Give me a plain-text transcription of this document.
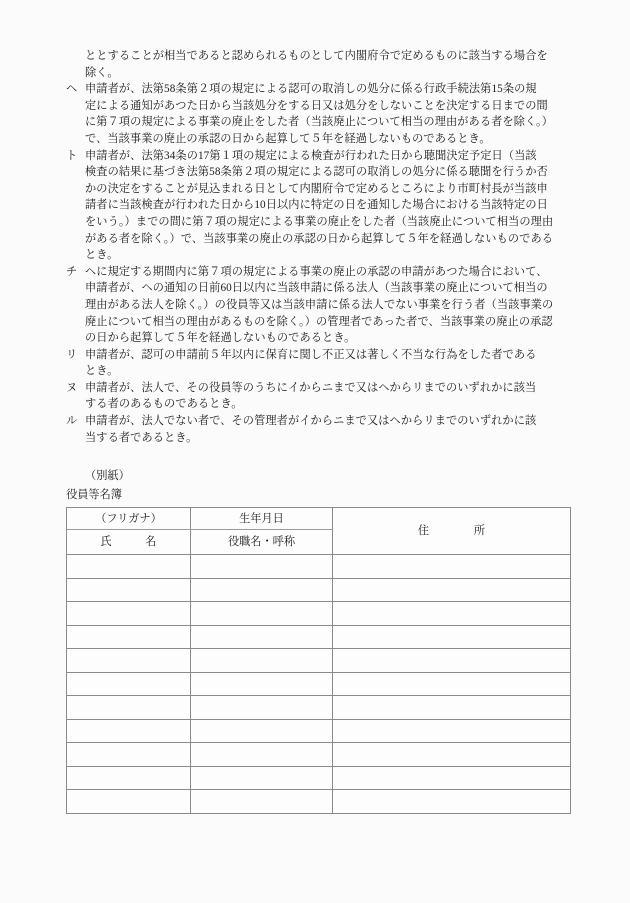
ととすることが相当であると認められるものとして内閣府令で定めるものに該当する場合を

除く。

ヘ 申請者が、法第58条第２項の規定による認可の取消しの処分に係る行政手続法第15条の規

定による通知があつた日から当該処分をする日又は処分をしないことを決定する日までの間

に第７項の規定による事業の廃止をした者（当該廃止について相当の理由がある者を除く。）

で、当該事業の廃止の承認の日から起算して５年を経過しないものであるとき。

ト 申請者が、法第34条の17第１項の規定による検査が行われた日から聴聞決定予定日（当該

検査の結果に基づき法第58条第２項の規定による認可の取消しの処分に係る聴聞を行うか否

かの決定をすることが見込まれる日として内閣府令で定めるところにより市町村長が当該申

請者に当該検査が行われた日から10日以内に特定の日を通知した場合における当該特定の日

をいう。）までの間に第７項の規定による事業の廃止をした者（当該廃止について相当の理由

がある者を除く。）で、当該事業の廃止の承認の日から起算して５年を経過しないものである

とき。

チ ヘに規定する期間内に第７項の規定による事業の廃止の承認の申請があつた場合において、

申請者が、ヘの通知の日前60日以内に当該申請に係る法人（当該事業の廃止について相当の

理由がある法人を除く。）の役員等又は当該申請に係る法人でない事業を行う者（当該事業の

廃止について相当の理由があるものを除く。）の管理者であった者で、当該事業の廃止の承認

の日から起算して５年を経過しないものであるとき。

リ 申請者が、認可の申請前５年以内に保育に関し不正又は著しく不当な行為をした者である

とき。

ヌ 申請者が、法人で、その役員等のうちにイからニまで又はヘからリまでのいずれかに該当

する者のあるものであるとき。

ル 申請者が、法人でない者で、その管理者がイからニまで又はヘからリまでのいずれかに該

当する者であるとき。

（別紙）
役員等名簿
（フリガナ）	生年月日	住　　　　所
氏　　　名	役職名・呼称	
